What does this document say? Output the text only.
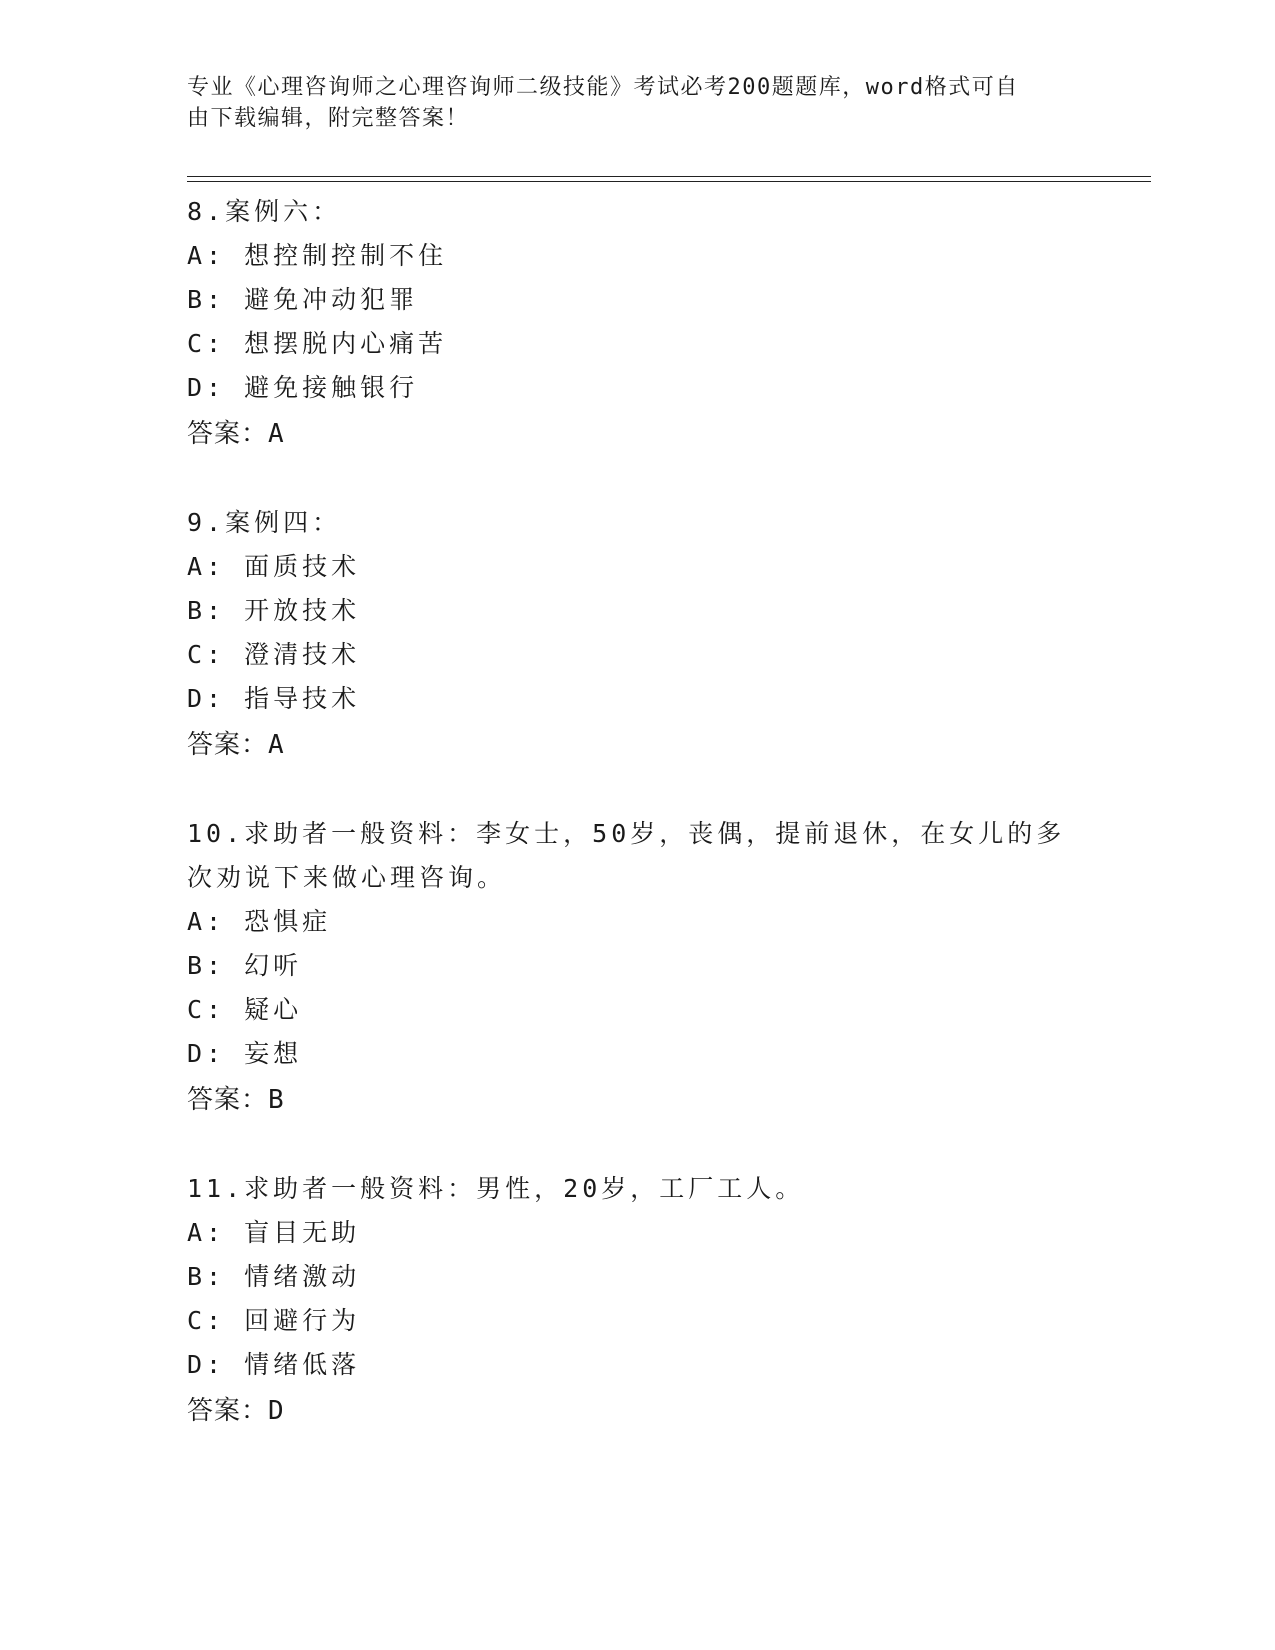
专业《心理咨询师之心理咨询师二级技能》考试必考200题题库，word格式可自
由下载编辑，附完整答案！

8.案例六：

A: 想控制控制不住

B: 避免冲动犯罪

C: 想摆脱内心痛苦

D: 避免接触银行

答案：A

9.案例四：

A: 面质技术

B: 开放技术

C: 澄清技术

D: 指导技术

答案：A

10.求助者一般资料：李女士，50岁，丧偶，提前退休，在女儿的多次劝说下来做心理咨询。

A: 恐惧症

B: 幻听

C: 疑心

D: 妄想

答案：B

11.求助者一般资料：男性，20岁，工厂工人。

A: 盲目无助

B: 情绪激动

C: 回避行为

D: 情绪低落

答案：D
